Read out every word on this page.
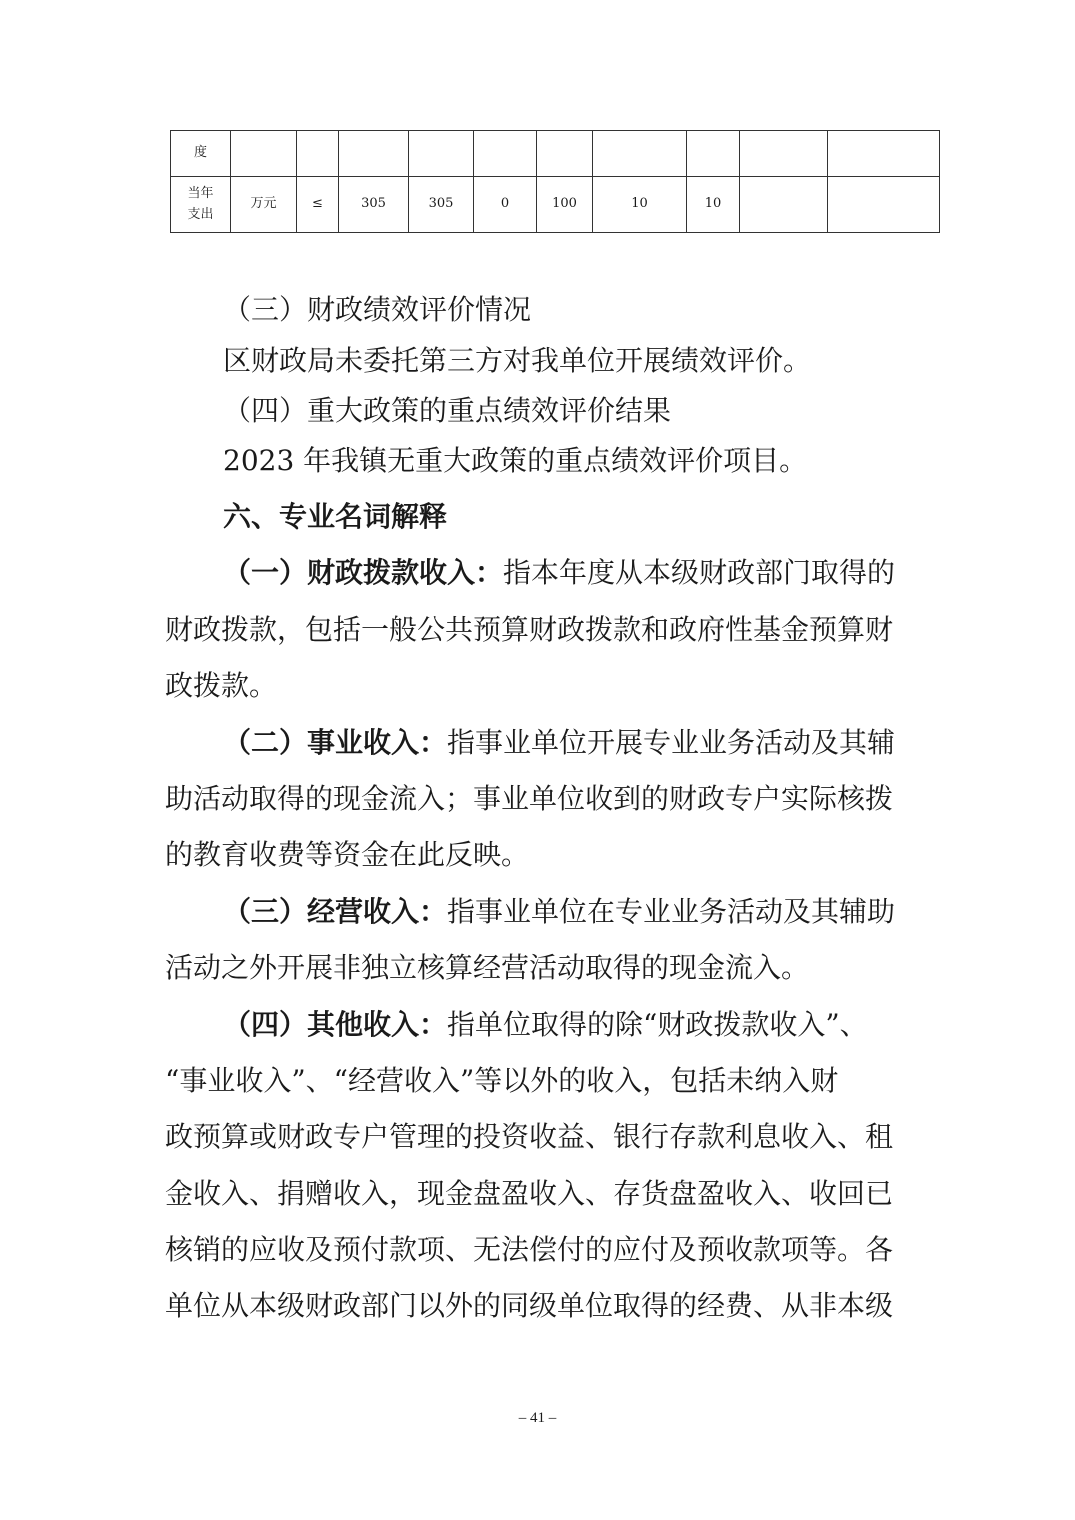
度										

当年
支出	万元	≤	305	305	0	100	10	10		
（三）财政绩效评价情况
区财政局未委托第三方对我单位开展绩效评价。
（四）重大政策的重点绩效评价结果
2023 年我镇无重大政策的重点绩效评价项目。
六、专业名词解释
（一）财政拨款收入：指本年度从本级财政部门取得的
财政拨款，包括一般公共预算财政拨款和政府性基金预算财
政拨款。
（二）事业收入：指事业单位开展专业业务活动及其辅
助活动取得的现金流入；事业单位收到的财政专户实际核拨
的教育收费等资金在此反映。
（三）经营收入：指事业单位在专业业务活动及其辅助
活动之外开展非独立核算经营活动取得的现金流入。
（四）其他收入：指单位取得的除“财政拨款收入”、
“事业收入”、“经营收入”等以外的收入，包括未纳入财
政预算或财政专户管理的投资收益、银行存款利息收入、租
金收入、捐赠收入，现金盘盈收入、存货盘盈收入、收回已
核销的应收及预付款项、无法偿付的应付及预收款项等。各
单位从本级财政部门以外的同级单位取得的经费、从非本级
– 41 –
